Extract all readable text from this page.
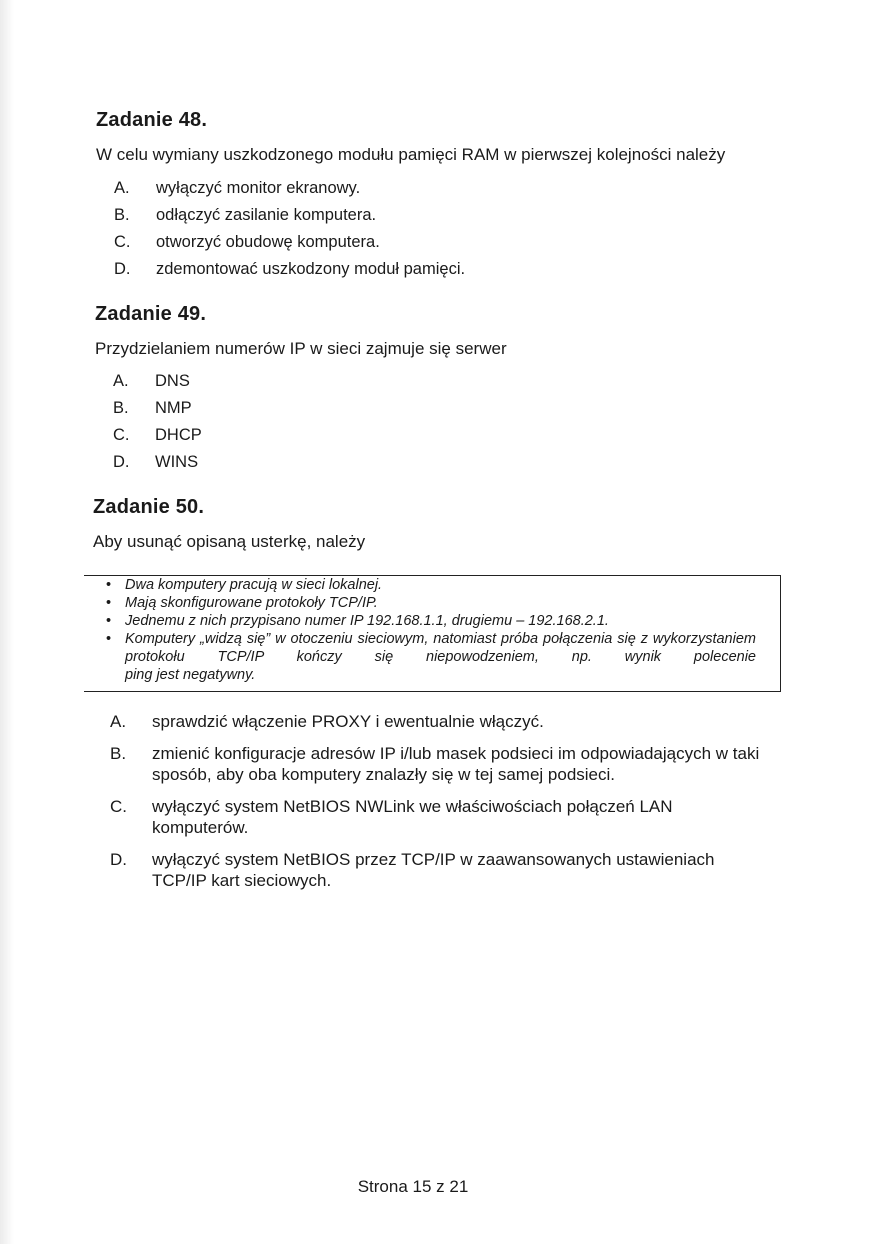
Zadanie 48.

W celu wymiany uszkodzonego modułu pamięci RAM w pierwszej kolejności należy

A. wyłączyć monitor ekranowy.
B. odłączyć zasilanie komputera.
C. otworzyć obudowę komputera.
D. zdemontować uszkodzony moduł pamięci.
Zadanie 49.

Przydzielaniem numerów IP w sieci zajmuje się serwer

A. DNS
B. NMP
C. DHCP
D. WINS
Zadanie 50.

Aby usunąć opisaną usterkę, należy

• Dwa komputery pracują w sieci lokalnej.
• Mają skonfigurowane protokoły TCP/IP.
• Jednemu z nich przypisano numer IP 192.168.1.1, drugiemu – 192.168.2.1.
• Komputery „widzą się” w otoczeniu sieciowym, natomiast próba połączenia się z wykorzystaniem protokołu TCP/IP kończy się niepowodzeniem, np. wynik polecenie
ping jest negatywny.
A. sprawdzić włączenie PROXY i ewentualnie włączyć.
B. zmienić konfiguracje adresów IP i/lub masek podsieci im odpowiadających w taki sposób, aby oba komputery znalazły się w tej samej podsieci.
C. wyłączyć system NetBIOS NWLink we właściwościach połączeń LAN komputerów.
D. wyłączyć system NetBIOS przez TCP/IP w zaawansowanych ustawieniach TCP/IP kart sieciowych.
Strona 15 z 21
